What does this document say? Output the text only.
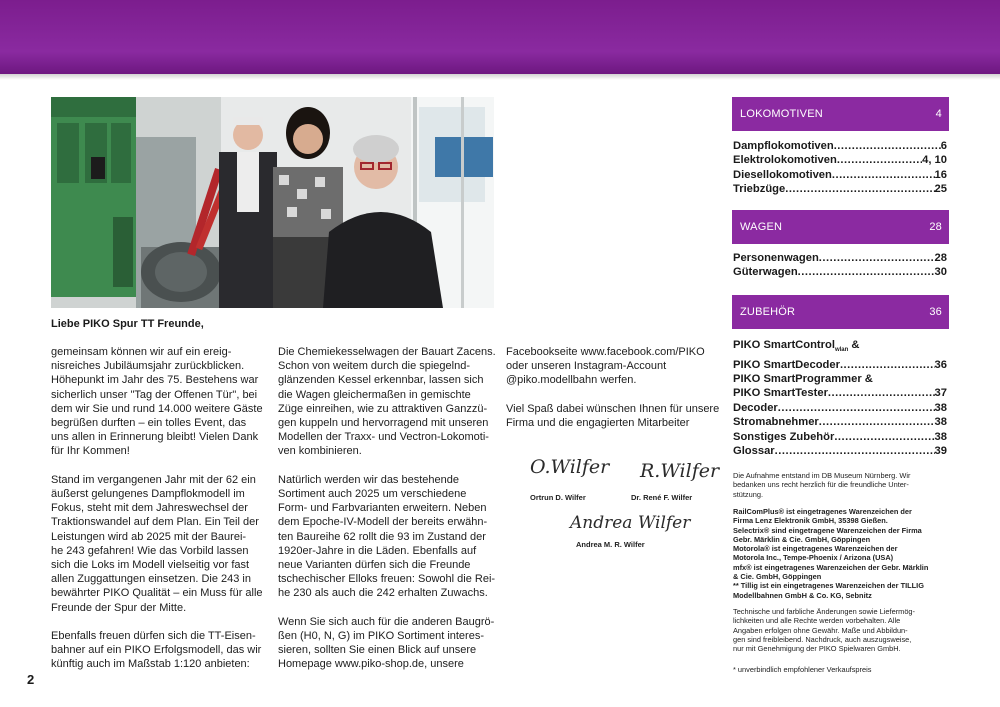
Liebe PIKO Spur TT Freunde,

gemeinsam können wir auf ein ereig-
nisreiches Jubiläumsjahr zurückblicken.
Höhepunkt im Jahr des 75. Bestehens war
sicherlich unser "Tag der Offenen Tür", bei
dem wir Sie und rund 14.000 weitere Gäste
begrüßen durften – ein tolles Event, das
uns allen in Erinnerung bleibt! Vielen Dank
für Ihr Kommen!

Stand im vergangenen Jahr mit der 62 ein
äußerst gelungenes Dampflokmodell im
Fokus, steht mit dem Jahreswechsel der
Traktionswandel auf dem Plan. Ein Teil der
Leistungen wird ab 2025 mit der Baurei-
he 243 gefahren! Wie das Vorbild lassen
sich die Loks im Modell vielseitig vor fast
allen Zuggattungen einsetzen. Die 243 in
bewährter PIKO Qualität – ein Muss für alle
Freunde der Spur der Mitte.

Ebenfalls freuen dürfen sich die TT-Eisen-
bahner auf ein PIKO Erfolgsmodell, das wir
künftig auch im Maßstab 1:120 anbieten:

Die Chemiekesselwagen der Bauart Zacens.
Schon von weitem durch die spiegelnd-
glänzenden Kessel erkennbar, lassen sich
die Wagen gleichermaßen in gemischte
Züge einreihen, wie zu attraktiven Ganzzü-
gen kuppeln und hervorragend mit unseren
Modellen der Traxx- und Vectron-Lokomoti-
ven kombinieren.

Natürlich werden wir das bestehende
Sortiment auch 2025 um verschiedene
Form- und Farbvarianten erweitern. Neben
dem Epoche-IV-Modell der bereits erwähn-
ten Baureihe 62 rollt die 93 im Zustand der
1920er-Jahre in die Läden. Ebenfalls auf
neue Varianten dürfen sich die Freunde
tschechischer Elloks freuen: Sowohl die Rei-
he 230 als auch die 242 erhalten Zuwachs.

Wenn Sie sich auch für die anderen Baugrö-
ßen (H0, N, G) im PIKO Sortiment interes-
sieren, sollten Sie einen Blick auf unsere
Homepage www.piko-shop.de, unsere

Facebookseite www.facebook.com/PIKO
oder unseren Instagram-Account
@piko.modellbahn werfen.

Viel Spaß dabei wünschen Ihnen für unsere
Firma und die engagierten Mitarbeiter

O.Wilfer
Ortrun D. Wilfer
R.Wilfer
Dr. René F. Wilfer
Andrea Wilfer
Andrea M. R. Wilfer
2
LOKOMOTIVEN	4
Dampflokomotiven .....	6
Elektrolokomotiven .....	4, 10
Diesellokomotiven .....	16
Triebzüge .....	25
WAGEN	28
Personenwagen .....	28
Güterwagen .....	30
ZUBEHÖR	36
PIKO SmartControl$_{wlan}$ &
PIKO SmartDecoder .....	36
PIKO SmartProgrammer &
PIKO SmartTester .....	37
Decoder .....	38
Stromabnehmer .....	38
Sonstiges Zubehör .....	38
Glossar .....	39
Die Aufnahme entstand im DB Museum Nürnberg. Wir
bedanken uns recht herzlich für die freundliche Unter-
stützung.
RailComPlus® ist eingetragenes Warenzeichen der
Firma Lenz Elektronik GmbH, 35398 Gießen.
Selectrix® sind eingetragene Warenzeichen der Firma
Gebr. Märklin & Cie. GmbH, Göppingen
Motorola® ist eingetragenes Warenzeichen der
Motorola Inc., Tempe-Phoenix / Arizona (USA)
mfx® ist eingetragenes Warenzeichen der Gebr. Märklin
& Cie. GmbH, Göppingen
** Tillig ist ein eingetragenes Warenzeichen der TILLIG
Modellbahnen GmbH & Co. KG, Sebnitz
Technische und farbliche Änderungen sowie Liefermög-
lichkeiten und alle Rechte werden vorbehalten. Alle
Angaben erfolgen ohne Gewähr. Maße und Abbildun-
gen sind freibleibend. Nachdruck, auch auszugsweise,
nur mit Genehmigung der PIKO Spielwaren GmbH.
* unverbindlich empfohlener Verkaufspreis
